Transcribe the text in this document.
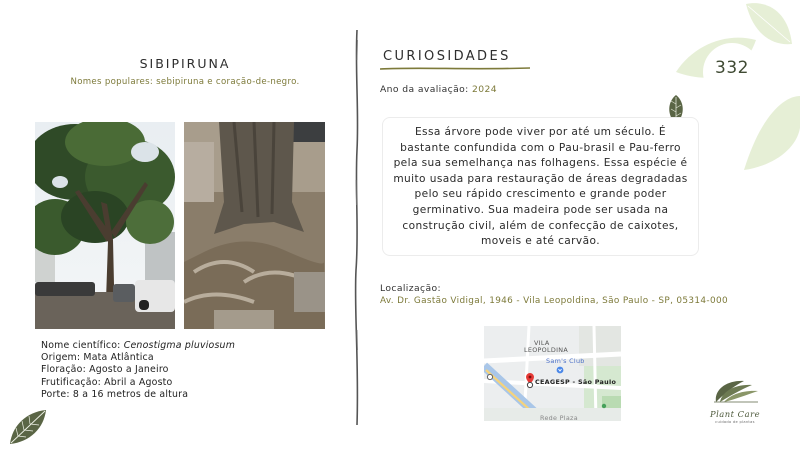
SIBIPIRUNA
Nomes populares: sebipiruna e coração-de-negro.
Nome científico: Cenostigma pluviosum
Origem: Mata Atlântica
Floração: Agosto a Janeiro
Frutificação: Abril a Agosto
Porte: 8 a 16 metros de altura
CURIOSIDADES
Ano da avaliação: 2024
Essa árvore pode viver por até um século. É bastante confundida com o Pau-brasil e Pau-ferro pela sua semelhança nas folhagens. Essa espécie é muito usada para restauração de áreas degradadas pelo seu rápido crescimento e grande poder germinativo. Sua madeira pode ser usada na construção civil, além de confecção de caixotes, moveis e até carvão.
Localização:
Av. Dr. Gastão Vidigal, 1946 - Vila Leopoldina, São Paulo - SP, 05314-000
VILA
LEOPOLDINA
Sam's Club
CEAGESP - São Paulo
Rede Plaza
332
Plant Care
cuidado de plantas
